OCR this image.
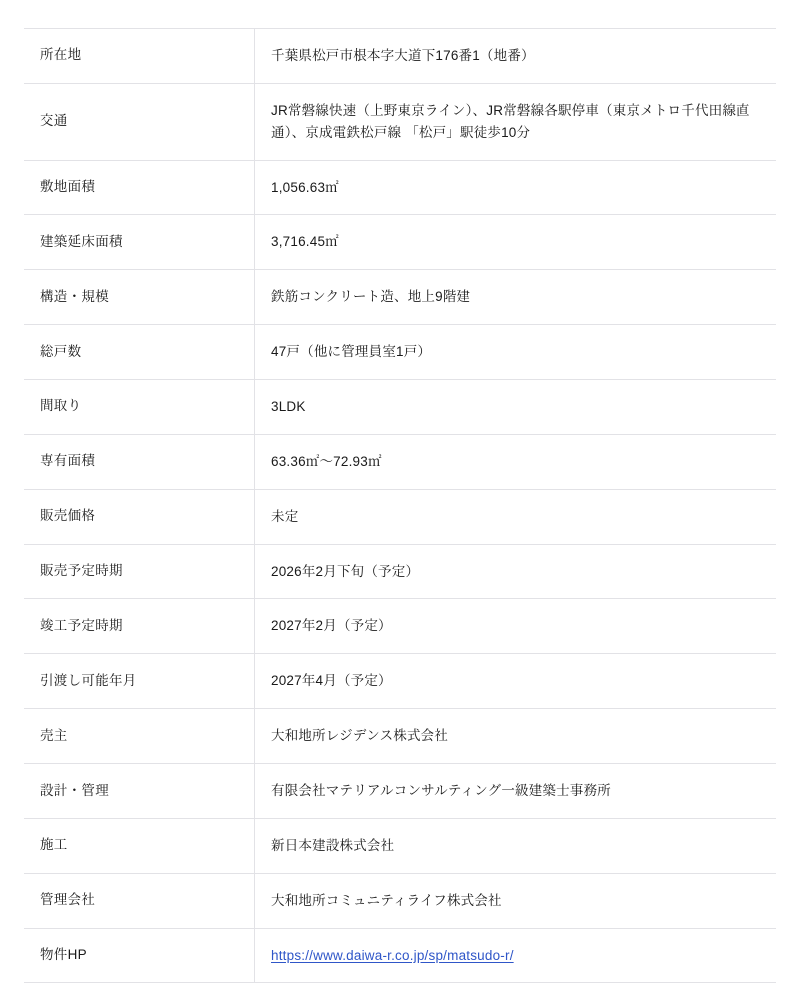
所在地	千葉県松戸市根本字大道下176番1（地番）
交通	JR常磐線快速（上野東京ライン）、JR常磐線各駅停車（東京メトロ千代田線直通）、京成電鉄松戸線 「松戸」駅徒歩10分
敷地面積	1,056.63㎡
建築延床面積	3,716.45㎡
構造・規模	鉄筋コンクリート造、地上9階建
総戸数	47戸（他に管理員室1戸）
間取り	3LDK
専有面積	63.36㎡〜72.93㎡
販売価格	未定
販売予定時期	2026年2月下旬（予定）
竣工予定時期	2027年2月（予定）
引渡し可能年月	2027年4月（予定）
売主	大和地所レジデンス株式会社
設計・管理	有限会社マテリアルコンサルティング一級建築士事務所
施工	新日本建設株式会社
管理会社	大和地所コミュニティライフ株式会社
物件HP	https://www.daiwa-r.co.jp/sp/matsudo-r/
